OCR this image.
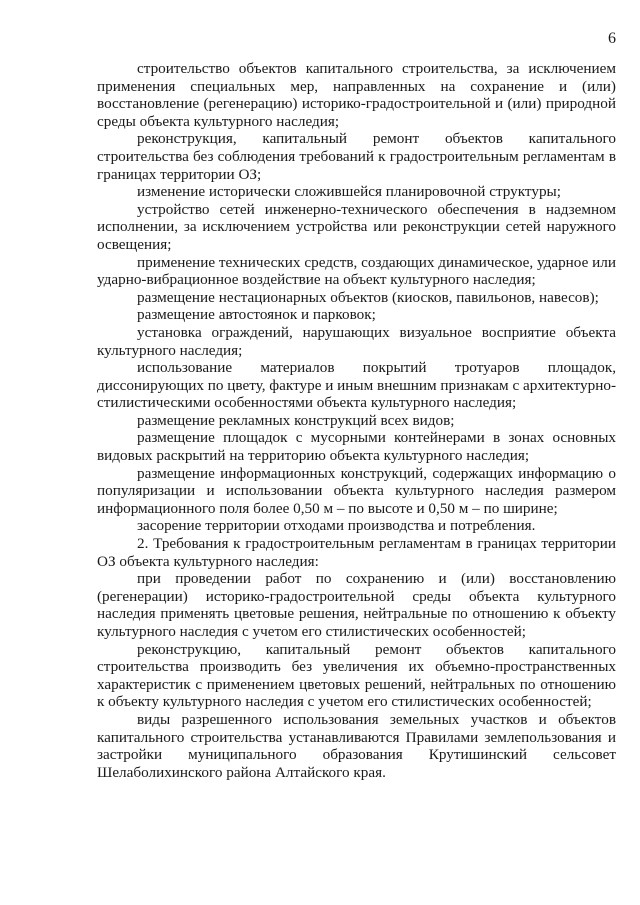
6

строительство объектов капитального строительства, за исключением применения специальных мер, направленных на сохранение и (или) восстановление (регенерацию) историко-градостроительной и (или) природной среды объекта культурного наследия;

реконструкция, капитальный ремонт объектов капитального строительства без соблюдения требований к градостроительным регламентам в границах территории ОЗ;

изменение исторически сложившейся планировочной структуры;

устройство сетей инженерно-технического обеспечения в надземном исполнении, за исключением устройства или реконструкции сетей наружного освещения;

применение технических средств, создающих динамическое, ударное или ударно-вибрационное воздействие на объект культурного наследия;

размещение нестационарных объектов (киосков, павильонов, навесов);

размещение автостоянок и парковок;

установка ограждений, нарушающих визуальное восприятие объекта культурного наследия;

использование материалов покрытий тротуаров площадок, диссонирующих по цвету, фактуре и иным внешним признакам с архитектурно-стилистическими особенностями объекта культурного наследия;

размещение рекламных конструкций всех видов;

размещение площадок с мусорными контейнерами в зонах основных видовых раскрытий на территорию объекта культурного наследия;

размещение информационных конструкций, содержащих информацию о популяризации и использовании объекта культурного наследия размером информационного поля более 0,50 м – по высоте и 0,50 м – по ширине;

засорение территории отходами производства и потребления.

2. Требования к градостроительным регламентам в границах территории ОЗ объекта культурного наследия:

при проведении работ по сохранению и (или) восстановлению (регенерации) историко-градостроительной среды объекта культурного наследия применять цветовые решения, нейтральные по отношению к объекту культурного наследия с учетом его стилистических особенностей;

реконструкцию, капитальный ремонт объектов капитального строительства производить без увеличения их объемно-пространственных характеристик с применением цветовых решений, нейтральных по отношению к объекту культурного наследия с учетом его стилистических особенностей;

виды разрешенного использования земельных участков и объектов капитального строительства устанавливаются Правилами землепользования и застройки муниципального образования Крутишинский сельсовет Шелаболихинского района Алтайского края.
